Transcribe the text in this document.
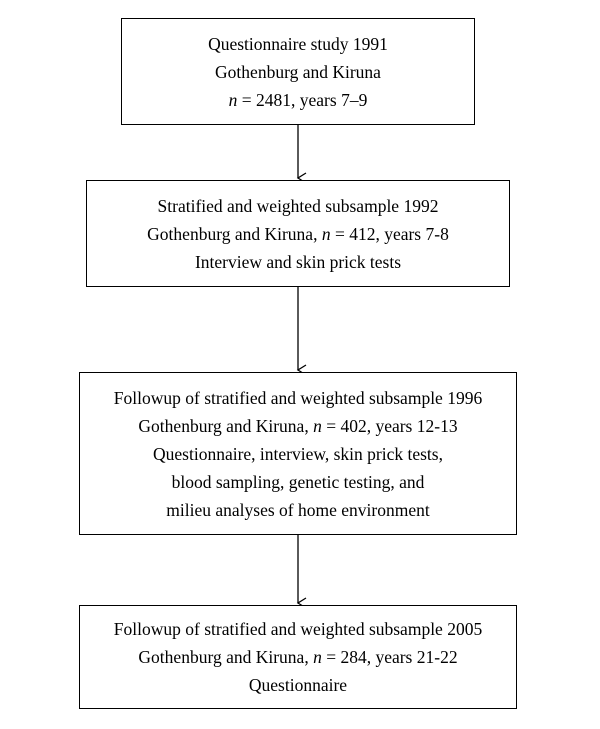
Questionnaire study 1991
Gothenburg and Kiruna
n = 2481, years 7–9
Stratified and weighted subsample 1992
Gothenburg and Kiruna, n = 412, years 7-8
Interview and skin prick tests
Followup of stratified and weighted subsample 1996
Gothenburg and Kiruna, n = 402, years 12-13
Questionnaire, interview, skin prick tests,
blood sampling, genetic testing, and
milieu analyses of home environment
Followup of stratified and weighted subsample 2005
Gothenburg and Kiruna, n = 284, years 21-22
Questionnaire
